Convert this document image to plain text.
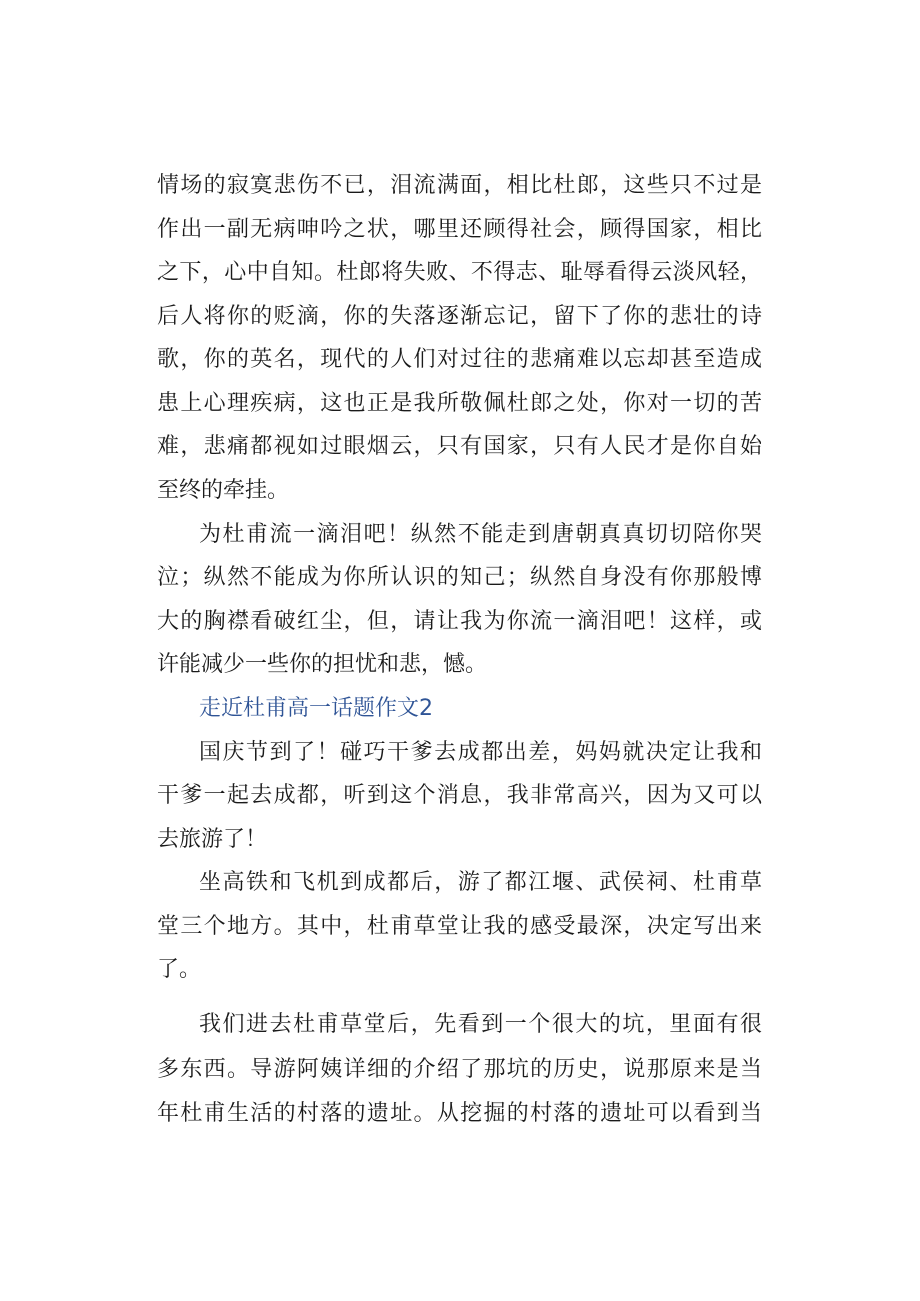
情场的寂寞悲伤不已，泪流满面，相比杜郎，这些只不过是
作出一副无病呻吟之状，哪里还顾得社会，顾得国家，相比
之下，心中自知。杜郎将失败、不得志、耻辱看得云淡风轻，
后人将你的贬滴，你的失落逐渐忘记，留下了你的悲壮的诗
歌，你的英名，现代的人们对过往的悲痛难以忘却甚至造成
患上心理疾病，这也正是我所敬佩杜郎之处，你对一切的苦
难，悲痛都视如过眼烟云，只有国家，只有人民才是你自始
至终的牵挂。
为杜甫流一滴泪吧！纵然不能走到唐朝真真切切陪你哭
泣；纵然不能成为你所认识的知己；纵然自身没有你那般博
大的胸襟看破红尘，但，请让我为你流一滴泪吧！这样，或
许能减少一些你的担忧和悲，憾。
走近杜甫高一话题作文2
国庆节到了！碰巧干爹去成都出差，妈妈就决定让我和
干爹一起去成都，听到这个消息，我非常高兴，因为又可以
去旅游了！
坐高铁和飞机到成都后，游了都江堰、武侯祠、杜甫草
堂三个地方。其中，杜甫草堂让我的感受最深，决定写出来
了。
我们进去杜甫草堂后，先看到一个很大的坑，里面有很
多东西。导游阿姨详细的介绍了那坑的历史，说那原来是当
年杜甫生活的村落的遗址。从挖掘的村落的遗址可以看到当
